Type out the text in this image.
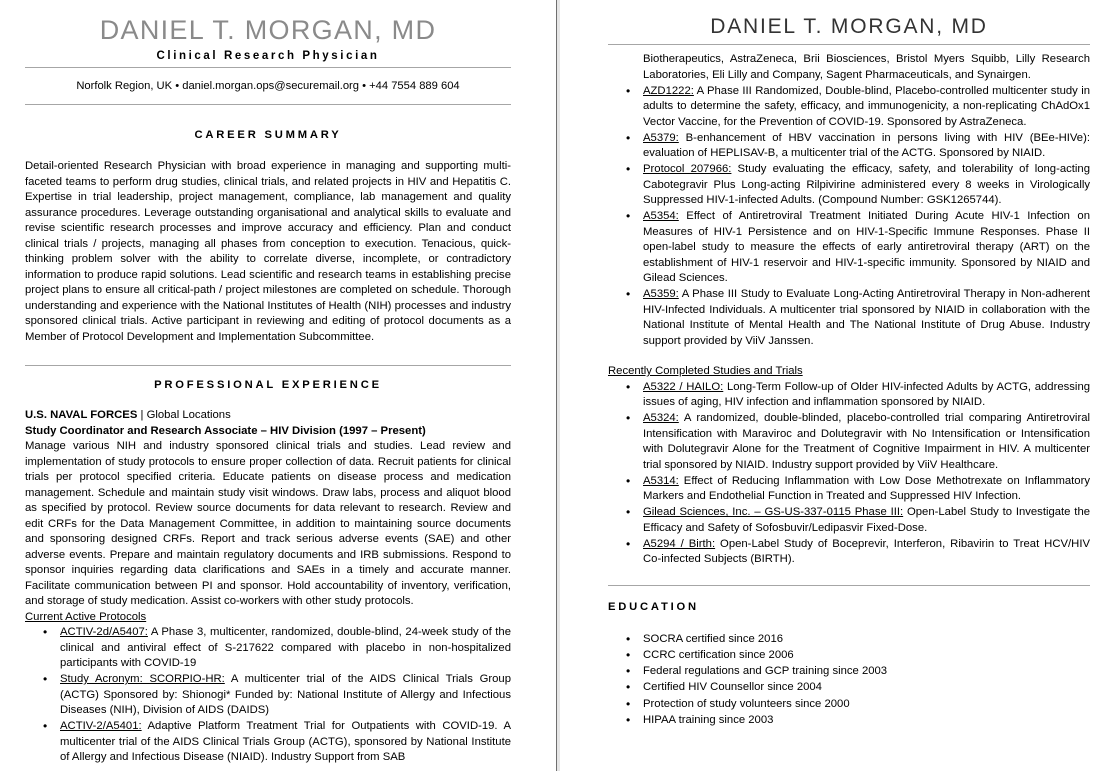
DANIEL T. MORGAN, MD
Clinical Research Physician
Norfolk Region, UK • daniel.morgan.ops@securemail.org • +44 7554 889 604
CAREER SUMMARY

Detail-oriented Research Physician with broad experience in managing and supporting multi-faceted teams to perform drug studies, clinical trials, and related projects in HIV and Hepatitis C. Expertise in trial leadership, project management, compliance, lab management and quality assurance procedures. Leverage outstanding organisational and analytical skills to evaluate and revise scientific research processes and improve accuracy and efficiency. Plan and conduct clinical trials / projects, managing all phases from conception to execution. Tenacious, quick-thinking problem solver with the ability to correlate diverse, incomplete, or contradictory information to produce rapid solutions. Lead scientific and research teams in establishing precise project plans to ensure all critical-path / project milestones are completed on schedule. Thorough understanding and experience with the National Institutes of Health (NIH) processes and industry sponsored clinical trials. Active participant in reviewing and editing of protocol documents as a Member of Protocol Development and Implementation Subcommittee.

PROFESSIONAL EXPERIENCE
U.S. NAVAL FORCES | Global Locations
Study Coordinator and Research Associate – HIV Division (1997 – Present)

Manage various NIH and industry sponsored clinical trials and studies. Lead review and implementation of study protocols to ensure proper collection of data. Recruit patients for clinical trials per protocol specified criteria. Educate patients on disease process and medication management. Schedule and maintain study visit windows. Draw labs, process and aliquot blood as specified by protocol. Review source documents for data relevant to research. Review and edit CRFs for the Data Management Committee, in addition to maintaining source documents and sponsoring designed CRFs. Report and track serious adverse events (SAE) and other adverse events. Prepare and maintain regulatory documents and IRB submissions. Respond to sponsor inquiries regarding data clarifications and SAEs in a timely and accurate manner. Facilitate communication between PI and sponsor. Hold accountability of inventory, verification, and storage of study medication. Assist co-workers with other study protocols.

Current Active Protocols
• ACTIV-2d/A5407: A Phase 3, multicenter, randomized, double-blind, 24-week study of the clinical and antiviral effect of S-217622 compared with placebo in non-hospitalized participants with COVID-19
• Study Acronym: SCORPIO-HR: A multicenter trial of the AIDS Clinical Trials Group (ACTG) Sponsored by: Shionogi* Funded by: National Institute of Allergy and Infectious Diseases (NIH), Division of AIDS (DAIDS)
• ACTIV-2/A5401: Adaptive Platform Treatment Trial for Outpatients with COVID-19. A multicenter trial of the AIDS Clinical Trials Group (ACTG), sponsored by National Institute of Allergy and Infectious Disease (NIAID). Industry Support from SAB
DANIEL T. MORGAN, MD
Biotherapeutics, AstraZeneca, Brii Biosciences, Bristol Myers Squibb, Lilly Research Laboratories, Eli Lilly and Company, Sagent Pharmaceuticals, and Synairgen.
• AZD1222: A Phase III Randomized, Double-blind, Placebo-controlled multicenter study in adults to determine the safety, efficacy, and immunogenicity, a non-replicating ChAdOx1 Vector Vaccine, for the Prevention of COVID-19. Sponsored by AstraZeneca.
• A5379: B-enhancement of HBV vaccination in persons living with HIV (BEe-HIVe): evaluation of HEPLISAV-B, a multicenter trial of the ACTG. Sponsored by NIAID.
• Protocol 207966: Study evaluating the efficacy, safety, and tolerability of long-acting Cabotegravir Plus Long-acting Rilpivirine administered every 8 weeks in Virologically Suppressed HIV-1-infected Adults. (Compound Number: GSK1265744).
• A5354: Effect of Antiretroviral Treatment Initiated During Acute HIV-1 Infection on Measures of HIV-1 Persistence and on HIV-1-Specific Immune Responses. Phase II open-label study to measure the effects of early antiretroviral therapy (ART) on the establishment of HIV-1 reservoir and HIV-1-specific immunity. Sponsored by NIAID and Gilead Sciences.
• A5359: A Phase III Study to Evaluate Long-Acting Antiretroviral Therapy in Non-adherent HIV-Infected Individuals. A multicenter trial sponsored by NIAID in collaboration with the National Institute of Mental Health and The National Institute of Drug Abuse. Industry support provided by ViiV Janssen.
Recently Completed Studies and Trials
• A5322 / HAILO: Long-Term Follow-up of Older HIV-infected Adults by ACTG, addressing issues of aging, HIV infection and inflammation sponsored by NIAID.
• A5324: A randomized, double-blinded, placebo-controlled trial comparing Antiretroviral Intensification with Maraviroc and Dolutegravir with No Intensification or Intensification with Dolutegravir Alone for the Treatment of Cognitive Impairment in HIV. A multicenter trial sponsored by NIAID. Industry support provided by ViiV Healthcare.
• A5314: Effect of Reducing Inflammation with Low Dose Methotrexate on Inflammatory Markers and Endothelial Function in Treated and Suppressed HIV Infection.
• Gilead Sciences, Inc. – GS-US-337-0115 Phase III: Open-Label Study to Investigate the Efficacy and Safety of Sofosbuvir/Ledipasvir Fixed-Dose.
• A5294 / Birth: Open-Label Study of Boceprevir, Interferon, Ribavirin to Treat HCV/HIV Co-infected Subjects (BIRTH).
EDUCATION
• SOCRA certified since 2016
• CCRC certification since 2006
• Federal regulations and GCP training since 2003
• Certified HIV Counsellor since 2004
• Protection of study volunteers since 2000
• HIPAA training since 2003
